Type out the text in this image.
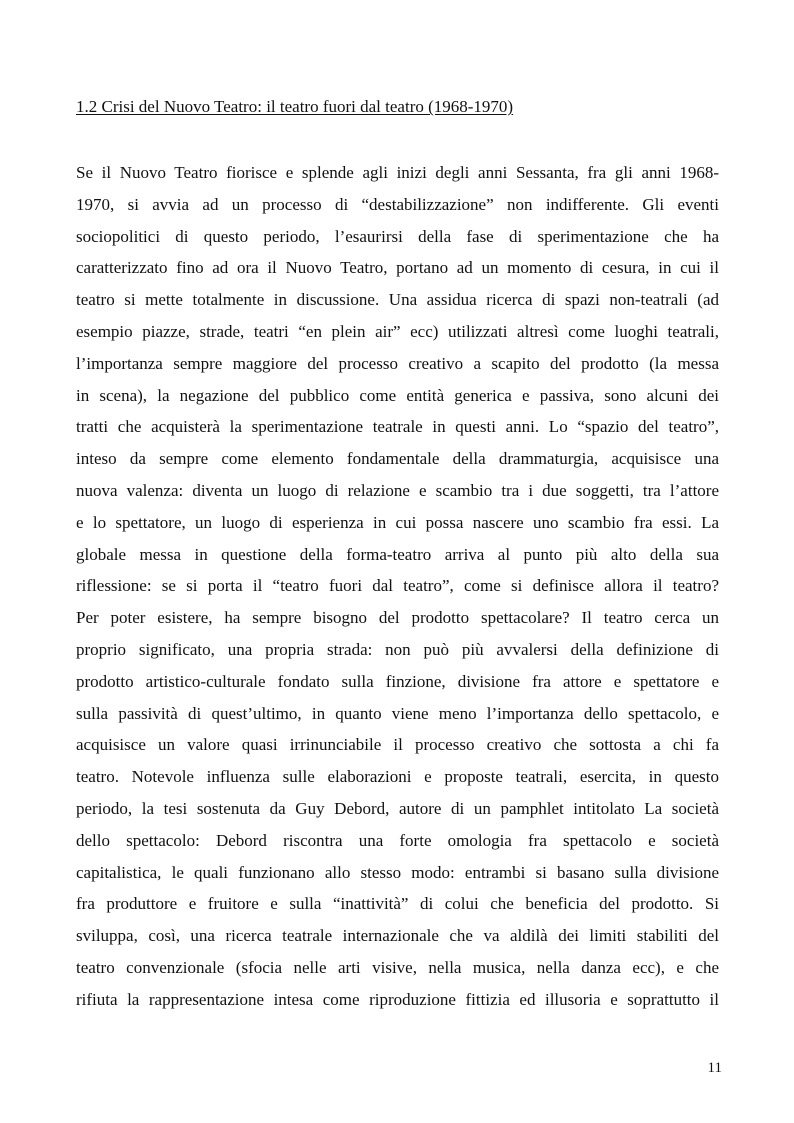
1.2 Crisi del Nuovo Teatro: il teatro fuori dal teatro (1968-1970)
Se il Nuovo Teatro fiorisce e splende agli inizi degli anni Sessanta, fra gli anni 1968-
1970, si avvia ad un processo di “destabilizzazione” non indifferente. Gli eventi
sociopolitici di questo periodo, l’esaurirsi della fase di sperimentazione che ha
caratterizzato fino ad ora il Nuovo Teatro, portano ad un momento di cesura, in cui il
teatro si mette totalmente in discussione. Una assidua ricerca di spazi non-teatrali (ad
esempio piazze, strade, teatri “en plein air” ecc) utilizzati altresì come luoghi teatrali,
l’importanza sempre maggiore del processo creativo a scapito del prodotto (la messa
in scena), la negazione del pubblico come entità generica e passiva, sono alcuni dei
tratti che acquisterà la sperimentazione teatrale in questi anni. Lo “spazio del teatro”,
inteso da sempre come elemento fondamentale della drammaturgia, acquisisce una
nuova valenza: diventa un luogo di relazione e scambio tra i due soggetti, tra l’attore
e lo spettatore, un luogo di esperienza in cui possa nascere uno scambio fra essi. La
globale messa in questione della forma-teatro arriva al punto più alto della sua
riflessione: se si porta il “teatro fuori dal teatro”, come si definisce allora il teatro?
Per poter esistere, ha sempre bisogno del prodotto spettacolare? Il teatro cerca un
proprio significato, una propria strada: non può più avvalersi della definizione di
prodotto artistico-culturale fondato sulla finzione, divisione fra attore e spettatore e
sulla passività di quest’ultimo, in quanto viene meno l’importanza dello spettacolo, e
acquisisce un valore quasi irrinunciabile il processo creativo che sottosta a chi fa
teatro. Notevole influenza sulle elaborazioni e proposte teatrali, esercita, in questo
periodo, la tesi sostenuta da Guy Debord, autore di un pamphlet intitolato La società
dello spettacolo: Debord riscontra una forte omologia fra spettacolo e società
capitalistica, le quali funzionano allo stesso modo: entrambi si basano sulla divisione
fra produttore e fruitore e sulla “inattività” di colui che beneficia del prodotto. Si
sviluppa, così, una ricerca teatrale internazionale che va aldilà dei limiti stabiliti del
teatro convenzionale (sfocia nelle arti visive, nella musica, nella danza ecc), e che
rifiuta la rappresentazione intesa come riproduzione fittizia ed illusoria e soprattutto il
11
